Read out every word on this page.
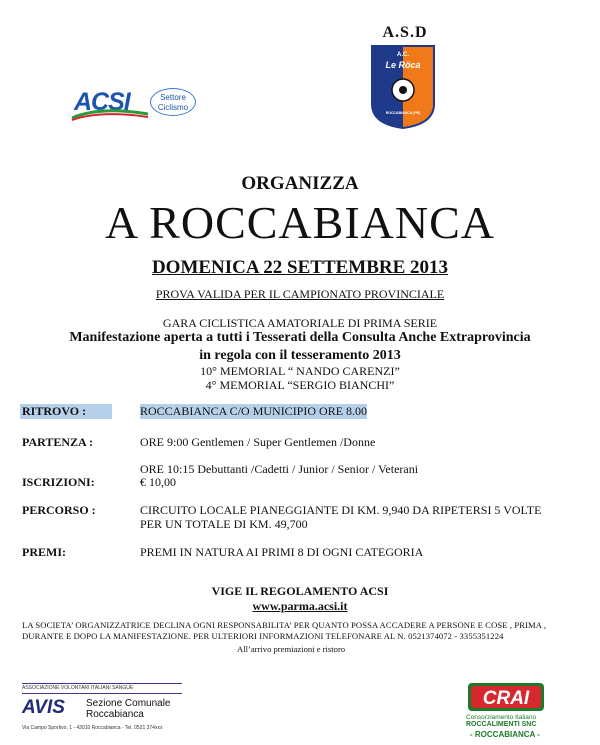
ACSI	Settore Ciclismo
A.S.D
A.C.
Le Röca
ROCCABIANCA (PR)
ORGANIZZA
A ROCCABIANCA
DOMENICA 22 SETTEMBRE 2013
PROVA VALIDA PER IL CAMPIONATO PROVINCIALE
GARA CICLISTICA AMATORIALE DI PRIMA SERIE
Manifestazione aperta a tutti i Tesserati della Consulta Anche Extraprovincia
in regola con il tesseramento 2013
10° MEMORIAL “ NANDO CARENZI”
4° MEMORIAL “SERGIO BIANCHI”
RITROVO :	ROCCABIANCA C/O MUNICIPIO ORE 8.00
PARTENZA :	ORE 9:00 Gentlemen / Super Gentlemen /Donne
ORE 10:15 Debuttanti /Cadetti / Junior / Senior / Veterani
ISCRIZIONI:	€ 10,00
PERCORSO :	CIRCUITO LOCALE PIANEGGIANTE DI KM. 9,940 DA RIPETERSI 5 VOLTE
PER UN TOTALE DI KM. 49,700
PREMI:	PREMI IN NATURA AI PRIMI 8 DI OGNI CATEGORIA
VIGE IL REGOLAMENTO ACSI
www.parma.acsi.it
LA SOCIETA’ ORGANIZZATRICE DECLINA OGNI RESPONSABILITA’ PER QUANTO POSSA ACCADERE A PERSONE E COSE , PRIMA ,
DURANTE E DOPO LA MANIFESTAZIONE. PER ULTERIORI INFORMAZIONI TELEFONARE AL N. 0521374072 - 3355351224
All’arrivo premiazioni e ristoro
ASSOCIAZIONE VOLONTARI ITALIANI SANGUE
AVIS Sezione Comunale
Roccabianca
Via Campo Sportivo, 1 - 43010 Roccabianca - Tel. 0521 374xxx
CRAI
Consorziamento Italiano
ROCCALIMENTI SNC
- ROCCABIANCA -
